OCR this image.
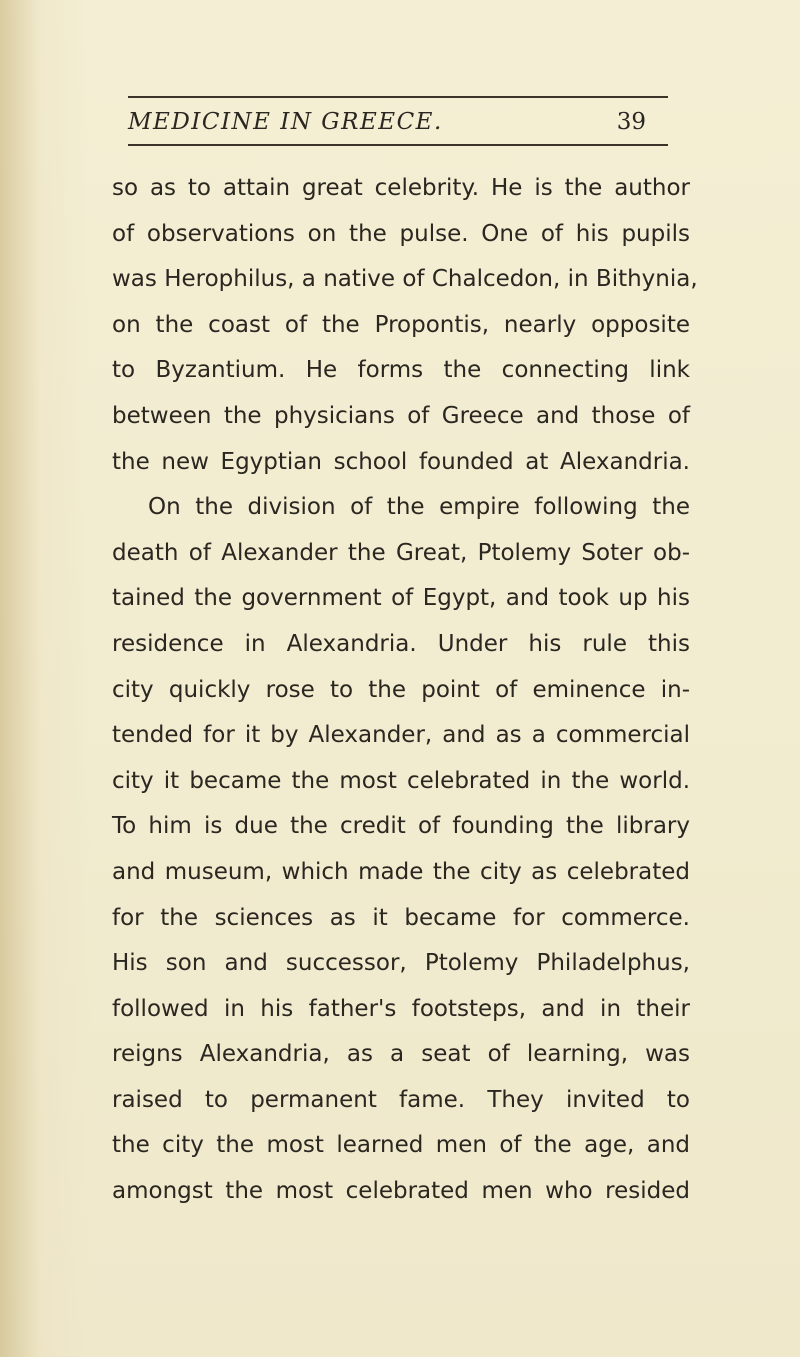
MEDICINE IN GREECE.	39
so as to attain great celebrity. He is the author
of observations on the pulse. One of his pupils
was Herophilus, a native of Chalcedon, in Bithynia,
on the coast of the Propontis, nearly opposite
to Byzantium. He forms the connecting link
between the physicians of Greece and those of
the new Egyptian school founded at Alexandria.
On the division of the empire following the
death of Alexander the Great, Ptolemy Soter ob-
tained the government of Egypt, and took up his
residence in Alexandria. Under his rule this
city quickly rose to the point of eminence in-
tended for it by Alexander, and as a commercial
city it became the most celebrated in the world.
To him is due the credit of founding the library
and museum, which made the city as celebrated
for the sciences as it became for commerce.
His son and successor, Ptolemy Philadelphus,
followed in his father's footsteps, and in their
reigns Alexandria, as a seat of learning, was
raised to permanent fame. They invited to
the city the most learned men of the age, and
amongst the most celebrated men who resided
